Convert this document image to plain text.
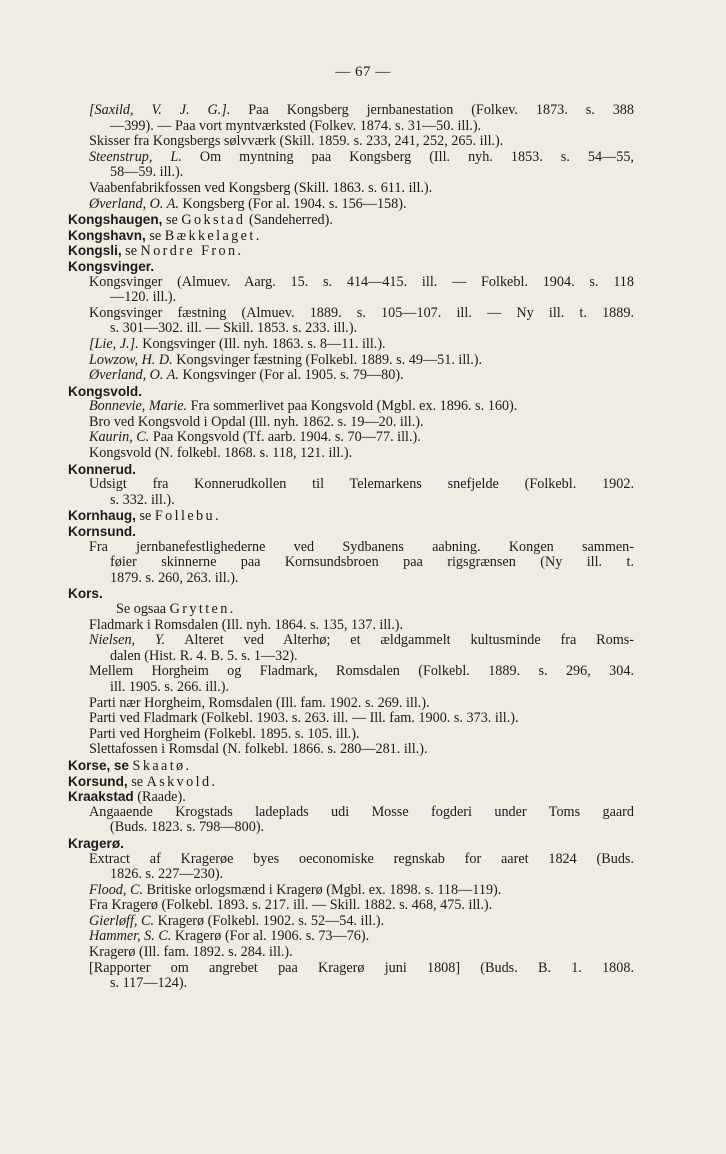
— 67 —
[Saxild, V. J. G.]. Paa Kongsberg jernbanestation (Folkev. 1873. s. 388
—399). — Paa vort myntværksted (Folkev. 1874. s. 31—50. ill.).
Skisser fra Kongsbergs sølvværk (Skill. 1859. s. 233, 241, 252, 265. ill.).
Steenstrup, L. Om myntning paa Kongsberg (Ill. nyh. 1853. s. 54—55,
58—59. ill.).
Vaabenfabrikfossen ved Kongsberg (Skill. 1863. s. 611. ill.).
Øverland, O. A. Kongsberg (For al. 1904. s. 156—158).
Kongshaugen, se Gokstad (Sandeherred).
Kongshavn, se Bækkelaget.
Kongsli, se Nordre Fron.
Kongsvinger.
Kongsvinger (Almuev. Aarg. 15. s. 414—415. ill. — Folkebl. 1904. s. 118
—120. ill.).
Kongsvinger fæstning (Almuev. 1889. s. 105—107. ill. — Ny ill. t. 1889.
s. 301—302. ill. — Skill. 1853. s. 233. ill.).
[Lie, J.]. Kongsvinger (Ill. nyh. 1863. s. 8—11. ill.).
Lowzow, H. D. Kongsvinger fæstning (Folkebl. 1889. s. 49—51. ill.).
Øverland, O. A. Kongsvinger (For al. 1905. s. 79—80).
Kongsvold.
Bonnevie, Marie. Fra sommerlivet paa Kongsvold (Mgbl. ex. 1896. s. 160).
Bro ved Kongsvold i Opdal (Ill. nyh. 1862. s. 19—20. ill.).
Kaurin, C. Paa Kongsvold (Tf. aarb. 1904. s. 70—77. ill.).
Kongsvold (N. folkebl. 1868. s. 118, 121. ill.).
Konnerud.
Udsigt fra Konnerudkollen til Telemarkens snefjelde (Folkebl. 1902.
s. 332. ill.).
Kornhaug, se Follebu.
Kornsund.
Fra jernbanefestlighederne ved Sydbanens aabning. Kongen sammen-
føier skinnerne paa Kornsundsbroen paa rigsgrænsen (Ny ill. t.
1879. s. 260, 263. ill.).
Kors.
Se ogsaa Grytten.
Fladmark i Romsdalen (Ill. nyh. 1864. s. 135, 137. ill.).
Nielsen, Y. Alteret ved Alterhø; et ældgammelt kultusminde fra Roms-
dalen (Hist. R. 4. B. 5. s. 1—32).
Mellem Horgheim og Fladmark, Romsdalen (Folkebl. 1889. s. 296, 304.
ill. 1905. s. 266. ill.).
Parti nær Horgheim, Romsdalen (Ill. fam. 1902. s. 269. ill.).
Parti ved Fladmark (Folkebl. 1903. s. 263. ill. — Ill. fam. 1900. s. 373. ill.).
Parti ved Horgheim (Folkebl. 1895. s. 105. ill.).
Slettafossen i Romsdal (N. folkebl. 1866. s. 280—281. ill.).
Korse, se Skaatø.
Korsund, se Askvold.
Kraakstad (Raade).
Angaaende Krogstads ladeplads udi Mosse fogderi under Toms gaard
(Buds. 1823. s. 798—800).
Kragerø.
Extract af Kragerøe byes oeconomiske regnskab for aaret 1824 (Buds.
1826. s. 227—230).
Flood, C. Britiske orlogsmænd i Kragerø (Mgbl. ex. 1898. s. 118—119).
Fra Kragerø (Folkebl. 1893. s. 217. ill. — Skill. 1882. s. 468, 475. ill.).
Gierløff, C. Kragerø (Folkebl. 1902. s. 52—54. ill.).
Hammer, S. C. Kragerø (For al. 1906. s. 73—76).
Kragerø (Ill. fam. 1892. s. 284. ill.).
[Rapporter om angrebet paa Kragerø juni 1808] (Buds. B. 1. 1808.
s. 117—124).
